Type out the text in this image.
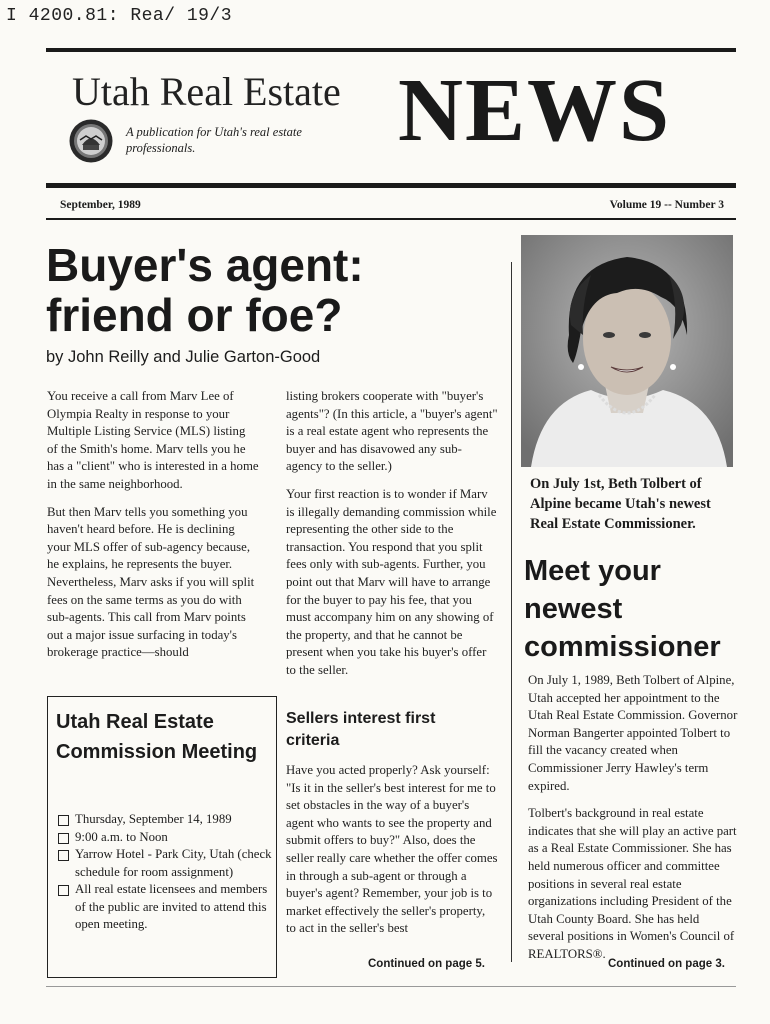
I 4200.81: Rea/ 19/3
Utah Real Estate NEWS
A publication for Utah's real estate professionals.
September, 1989	Volume 19 -- Number 3
Buyer's agent:
friend or foe?
by John Reilly and Julie Garton-Good

You receive a call from Marv Lee of Olympia Realty in response to your Multiple Listing Service (MLS) listing of the Smith's home. Marv tells you he has a "client" who is interested in a home in the same neighborhood.

But then Marv tells you something you haven't heard before. He is declining your MLS offer of sub-agency because, he explains, he represents the buyer. Nevertheless, Marv asks if you will split fees on the same terms as you do with sub-agents. This call from Marv points out a major issue surfacing in today's brokerage practice—should

Utah Real Estate Commission Meeting
Thursday, September 14, 1989
9:00 a.m. to Noon
Yarrow Hotel - Park City, Utah (check schedule for room assignment)
All real estate licensees and members of the public are invited to attend this open meeting.

listing brokers cooperate with "buyer's agents"? (In this article, a "buyer's agent" is a real estate agent who represents the buyer and has disavowed any sub-agency to the seller.)

Your first reaction is to wonder if Marv is illegally demanding commission while representing the other side to the transaction. You respond that you split fees only with sub-agents. Further, you point out that Marv will have to arrange for the buyer to pay his fee, that you must accompany him on any showing of the property, and that he cannot be present when you take his buyer's offer to the seller.

Sellers interest first criteria

Have you acted properly? Ask yourself: "Is it in the seller's best interest for me to set obstacles in the way of a buyer's agent who wants to see the property and submit offers to buy?" Also, does the seller really care whether the offer comes in through a sub-agent or through a buyer's agent? Remember, your job is to market effectively the seller's property, to act in the seller's best

Continued on page 5.
On July 1st, Beth Tolbert of Alpine became Utah's newest Real Estate Commissioner.
Meet your newest commissioner

On July 1, 1989, Beth Tolbert of Alpine, Utah accepted her appointment to the Utah Real Estate Commission. Governor Norman Bangerter appointed Tolbert to fill the vacancy created when Commissioner Jerry Hawley's term expired.

Tolbert's background in real estate indicates that she will play an active part as a Real Estate Commissioner. She has held numerous officer and committee positions in several real estate organizations including President of the Utah County Board. She has held several positions in Women's Council of REALTORS®.

Continued on page 3.
